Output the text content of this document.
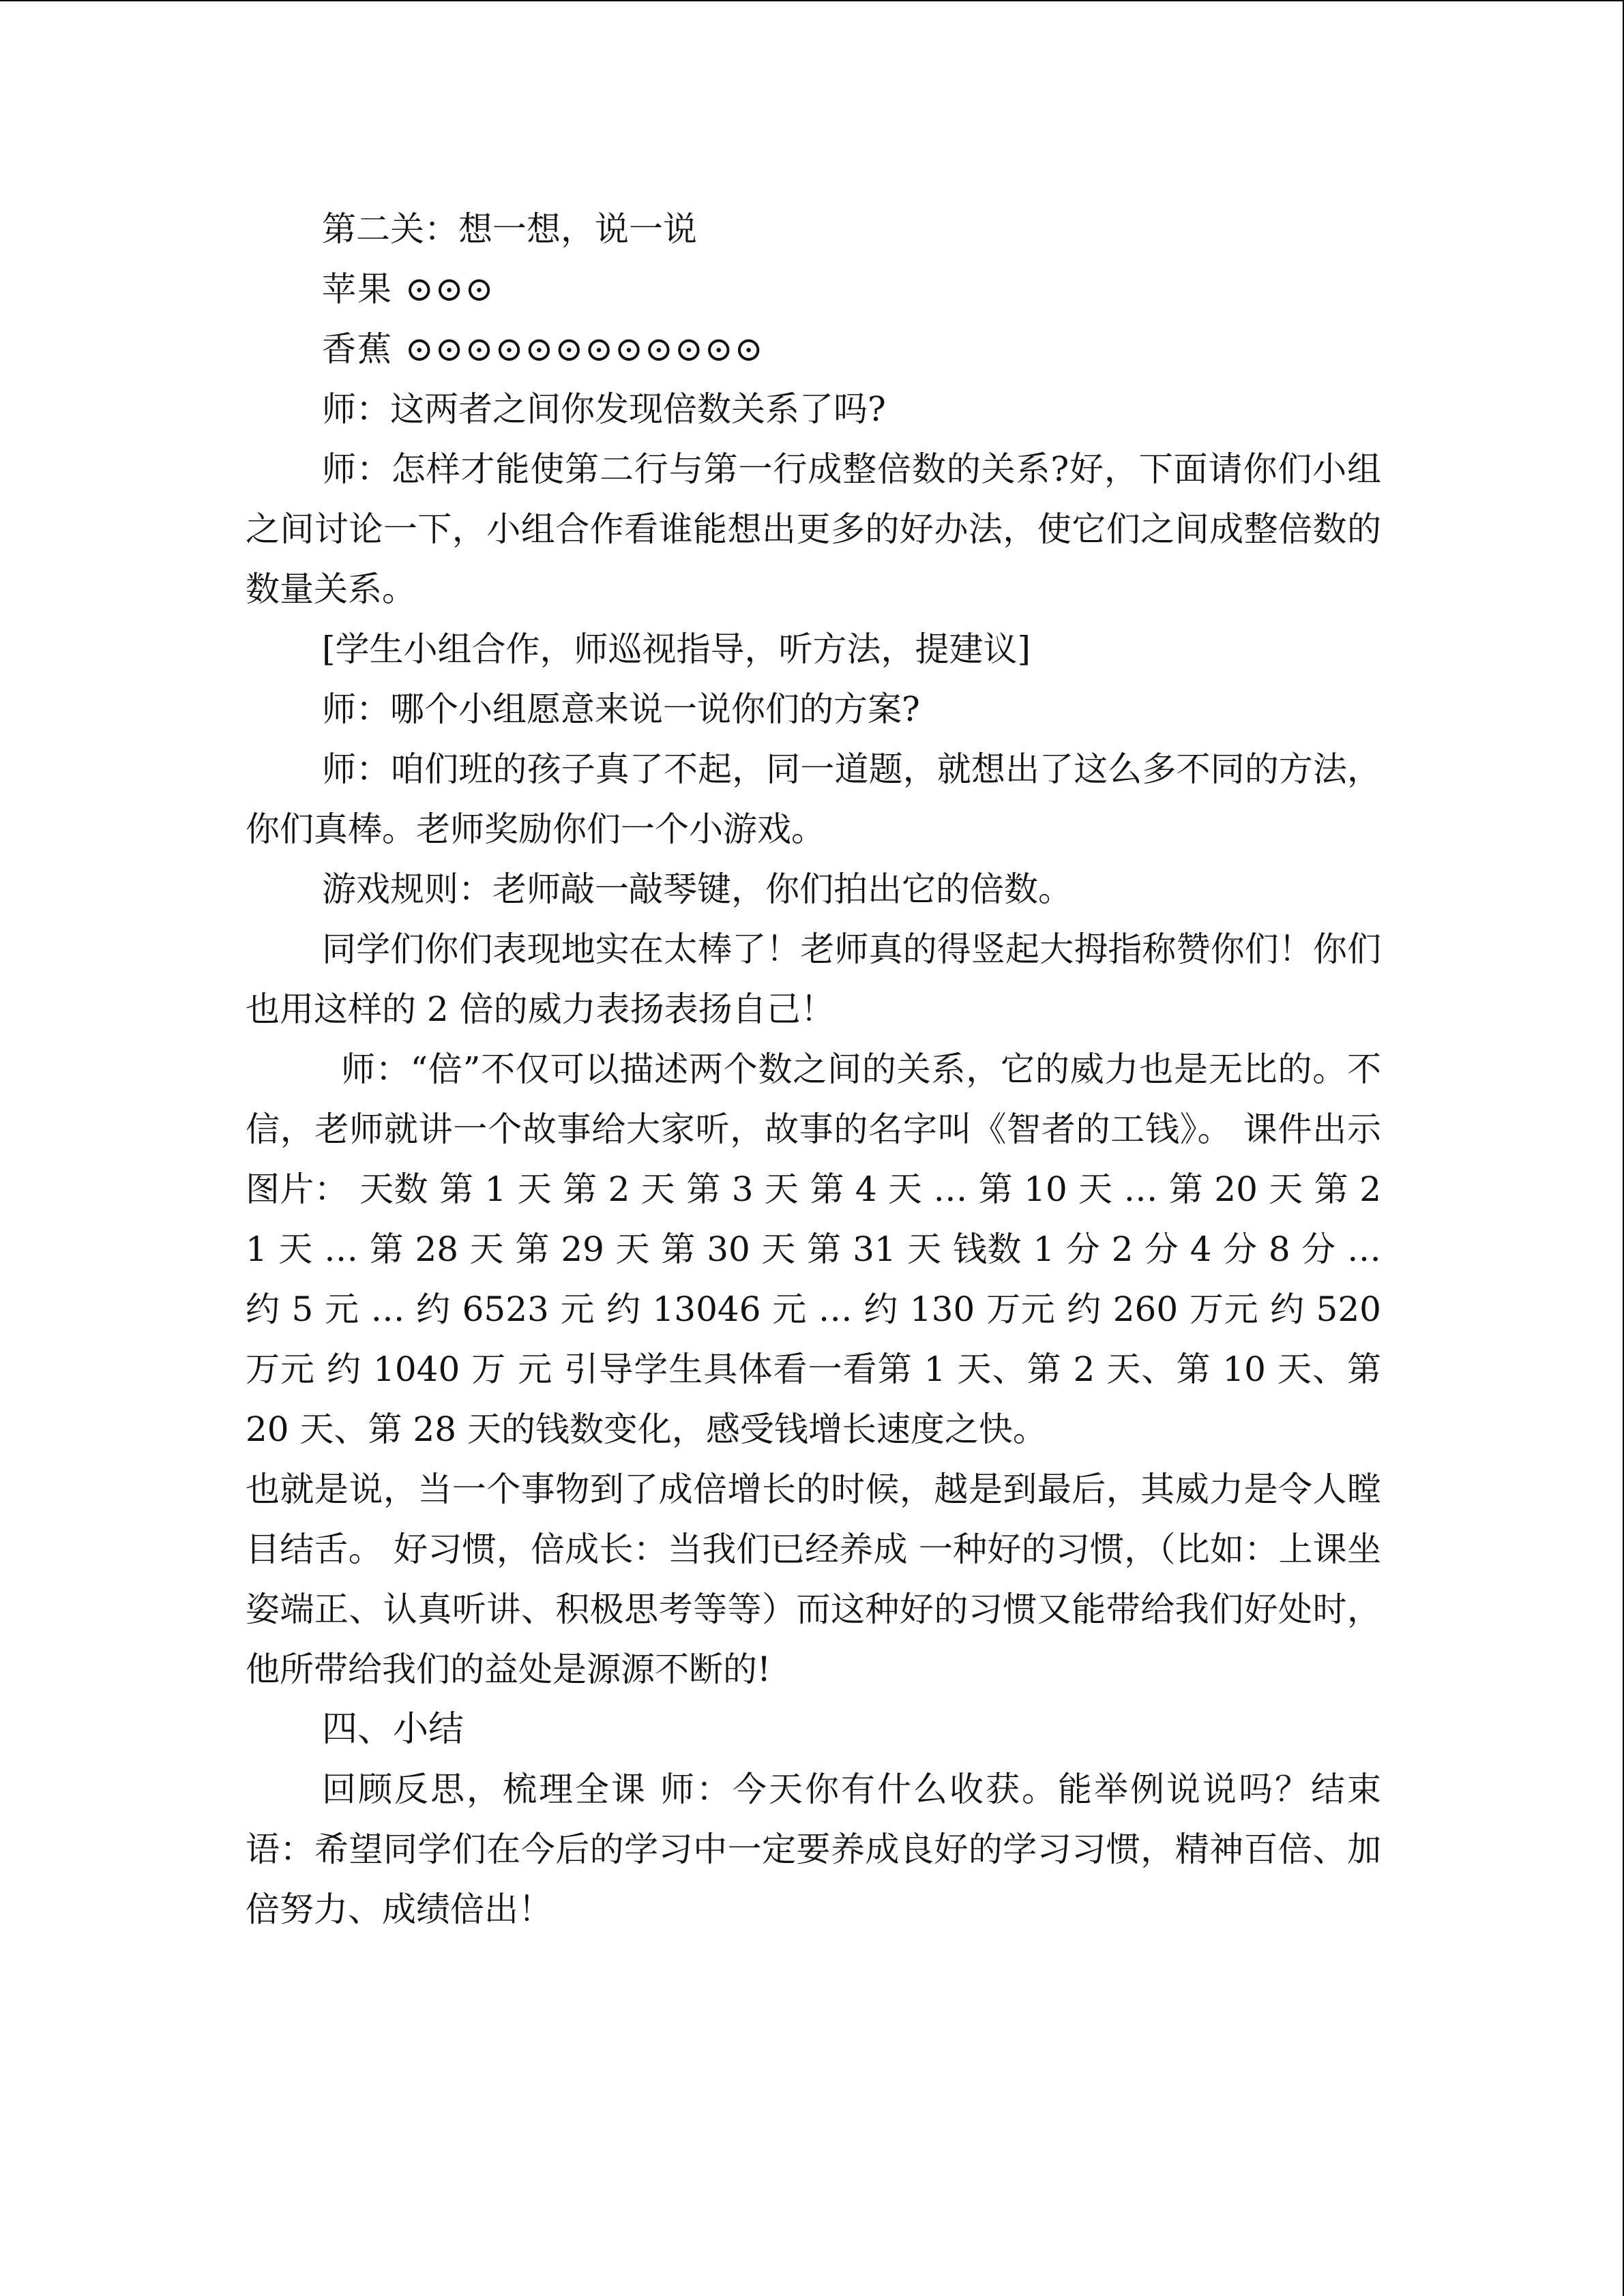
第二关：想一想，说一说

苹果 ⊙⊙⊙

香蕉 ⊙⊙⊙⊙⊙⊙⊙⊙⊙⊙⊙⊙

师：这两者之间你发现倍数关系了吗?

师：怎样才能使第二行与第一行成整倍数的关系?好，下面请你们小组之间讨论一下，小组合作看谁能想出更多的好办法，使它们之间成整倍数的数量关系。

[学生小组合作，师巡视指导，听方法，提建议]

师：哪个小组愿意来说一说你们的方案?

师：咱们班的孩子真了不起，同一道题，就想出了这么多不同的方法，你们真棒。老师奖励你们一个小游戏。

游戏规则：老师敲一敲琴键，你们拍出它的倍数。

同学们你们表现地实在太棒了！老师真的得竖起大拇指称赞你们！你们也用这样的 2 倍的威力表扬表扬自己！

师：“倍”不仅可以描述两个数之间的关系，它的威力也是无比的。不信，老师就讲一个故事给大家听，故事的名字叫《智者的工钱》。 课件出示图片： 天数 第 1 天 第 2 天 第 3 天 第 4 天 … 第 10 天 … 第 20 天 第 21 天 … 第 28 天 第 29 天 第 30 天 第 31 天 钱数 1 分 2 分 4 分 8 分 … 约 5 元 … 约 6523 元 约 13046 元 … 约 130 万元 约 260 万元 约 520 万元 约 1040 万 元 引导学生具体看一看第 1 天、第 2 天、第 10 天、第 20 天、第 28 天的钱数变化，感受钱增长速度之快。

也就是说，当一个事物到了成倍增长的时候，越是到最后，其威力是令人瞠目结舌。 好习惯，倍成长：当我们已经养成 一种好的习惯，（比如：上课坐姿端正、认真听讲、积极思考等等）而这种好的习惯又能带给我们好处时，他所带给我们的益处是源源不断的!

四、小结

回顾反思，梳理全课 师：今天你有什么收获。能举例说说吗？结束语：希望同学们在今后的学习中一定要养成良好的学习习惯，精神百倍、加倍努力、成绩倍出！
